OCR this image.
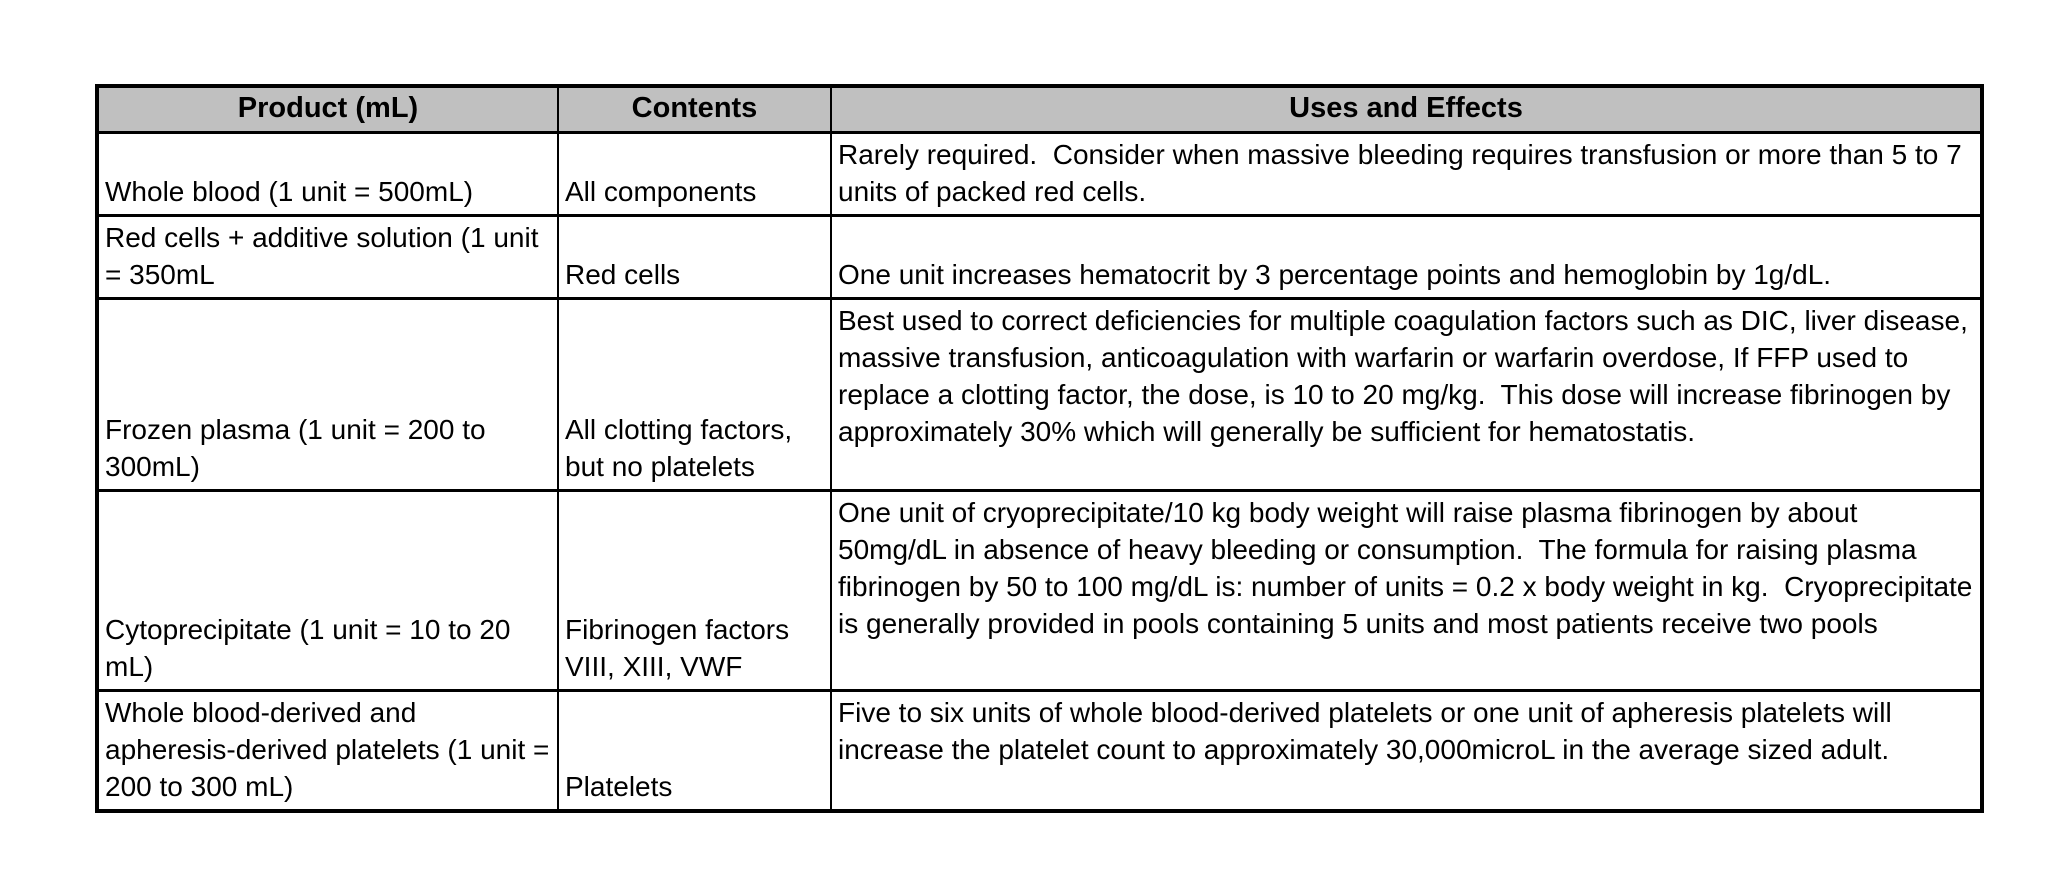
Product (mL)	Contents	Uses and Effects
Whole blood (1 unit = 500mL)	All components	Rarely required.  Consider when massive bleeding requires transfusion or more than 5 to 7 units of packed red cells.
Red cells + additive solution (1 unit = 350mL	Red cells	One unit increases hematocrit by 3 percentage points and hemoglobin by 1g/dL.
Frozen plasma (1 unit = 200 to 300mL)	All clotting factors, but no platelets	Best used to correct deficiencies for multiple coagulation factors such as DIC, liver disease, massive transfusion, anticoagulation with warfarin or warfarin overdose, If FFP used to replace a clotting factor, the dose, is 10 to 20 mg/kg.  This dose will increase fibrinogen by approximately 30% which will generally be sufficient for hematostatis.
Cytoprecipitate (1 unit = 10 to 20 mL)	Fibrinogen factors VIII, XIII, VWF	One unit of cryoprecipitate/10 kg body weight will raise plasma fibrinogen by about 50mg/dL in absence of heavy bleeding or consumption.  The formula for raising plasma fibrinogen by 50 to 100 mg/dL is: number of units = 0.2 x body weight in kg.  Cryoprecipitate is generally provided in pools containing 5 units and most patients receive two pools
Whole blood-derived and apheresis-derived platelets (1 unit = 200 to 300 mL)	Platelets	Five to six units of whole blood-derived platelets or one unit of apheresis platelets will increase the platelet count to approximately 30,000microL in the average sized adult.
